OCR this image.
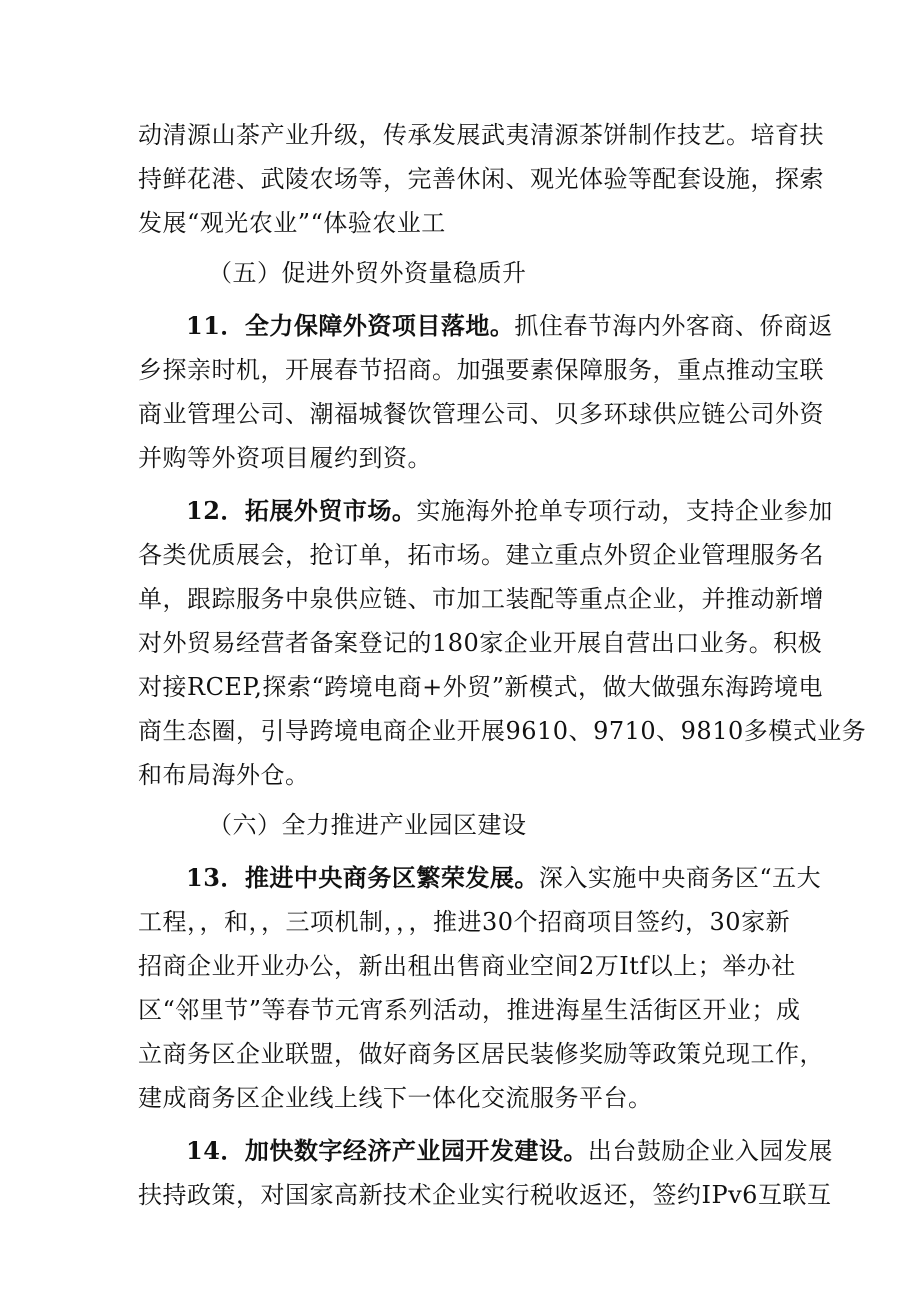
动清源山茶产业升级，传承发展武夷清源茶饼制作技艺。培育扶
持鲜花港、武陵农场等，完善休闲、观光体验等配套设施，探索
发展“观光农业”“体验农业工
（五）促进外贸外资量稳质升
11．全力保障外资项目落地。抓住春节海内外客商、侨商返
乡探亲时机，开展春节招商。加强要素保障服务，重点推动宝联
商业管理公司、潮福城餐饮管理公司、贝多环球供应链公司外资
并购等外资项目履约到资。
12．拓展外贸市场。实施海外抢单专项行动，支持企业参加
各类优质展会，抢订单，拓市场。建立重点外贸企业管理服务名
单，跟踪服务中泉供应链、市加工装配等重点企业，并推动新增
对外贸易经营者备案登记的180家企业开展自营出口业务。积极
对接RCEP,探索“跨境电商+外贸”新模式，做大做强东海跨境电
商生态圈，引导跨境电商企业开展9610、9710、9810多模式业务
和布局海外仓。
（六）全力推进产业园区建设
13．推进中央商务区繁荣发展。深入实施中央商务区“五大
工程，，和，，三项机制，，，推进30个招商项目签约，30家新
招商企业开业办公，新出租出售商业空间2万Itf以上；举办社
区“邻里节”等春节元宵系列活动，推进海星生活街区开业；成
立商务区企业联盟，做好商务区居民装修奖励等政策兑现工作，
建成商务区企业线上线下一体化交流服务平台。
14．加快数字经济产业园开发建设。出台鼓励企业入园发展
扶持政策，对国家高新技术企业实行税收返还，签约IPv6互联互
